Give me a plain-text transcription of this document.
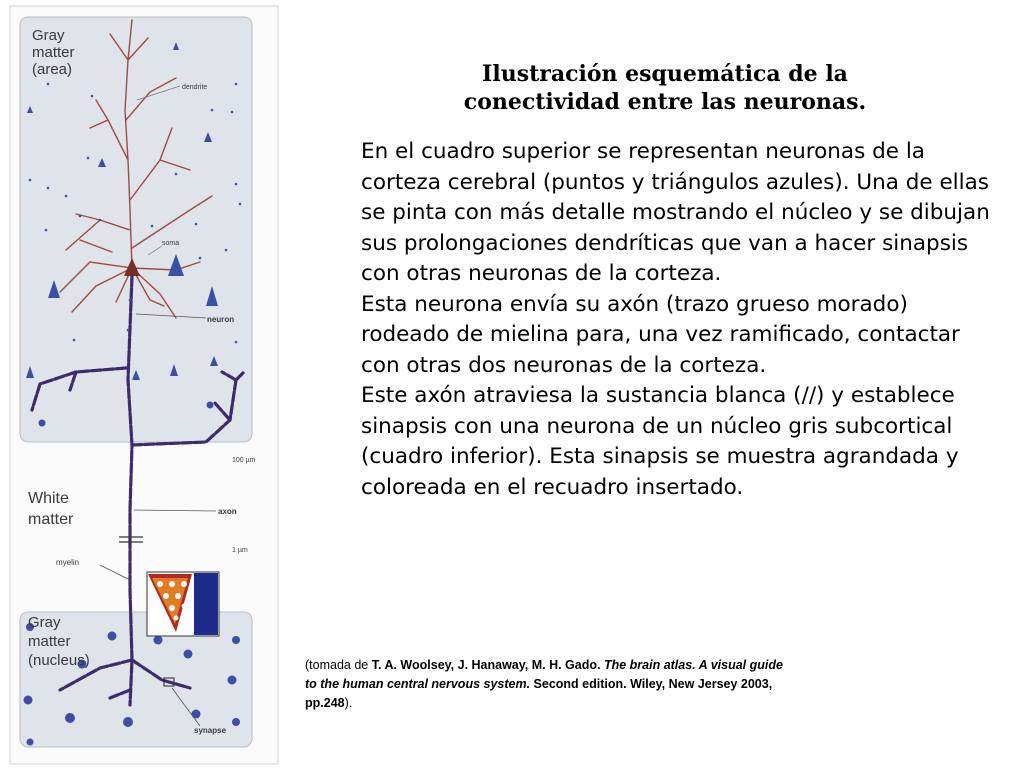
Gray matter (area)
dendrite
soma
neuron
100 µm
White matter	axon
1 µm
myelin
Gray matter (nucleus)
synapse
Ilustración esquemática de la
conectividad entre las neuronas.

En el cuadro superior se representan neuronas de la corteza cerebral (puntos y triángulos azules). Una de ellas se pinta con más detalle mostrando el núcleo y se dibujan sus prolongaciones dendríticas que van a hacer sinapsis con otras neuronas de la corteza.

Esta neurona envía su axón (trazo grueso morado) rodeado de mielina para, una vez ramificado, contactar con otras dos neuronas de la corteza.

Este axón atraviesa la sustancia blanca (//) y establece sinapsis con una neurona de un núcleo gris subcortical (cuadro inferior). Esta sinapsis se muestra agrandada y coloreada en el recuadro insertado.

(tomada de T. A. Woolsey, J. Hanaway, M. H. Gado. The brain atlas. A visual guide to the human central nervous system. Second edition. Wiley, New Jersey 2003, pp.248).
